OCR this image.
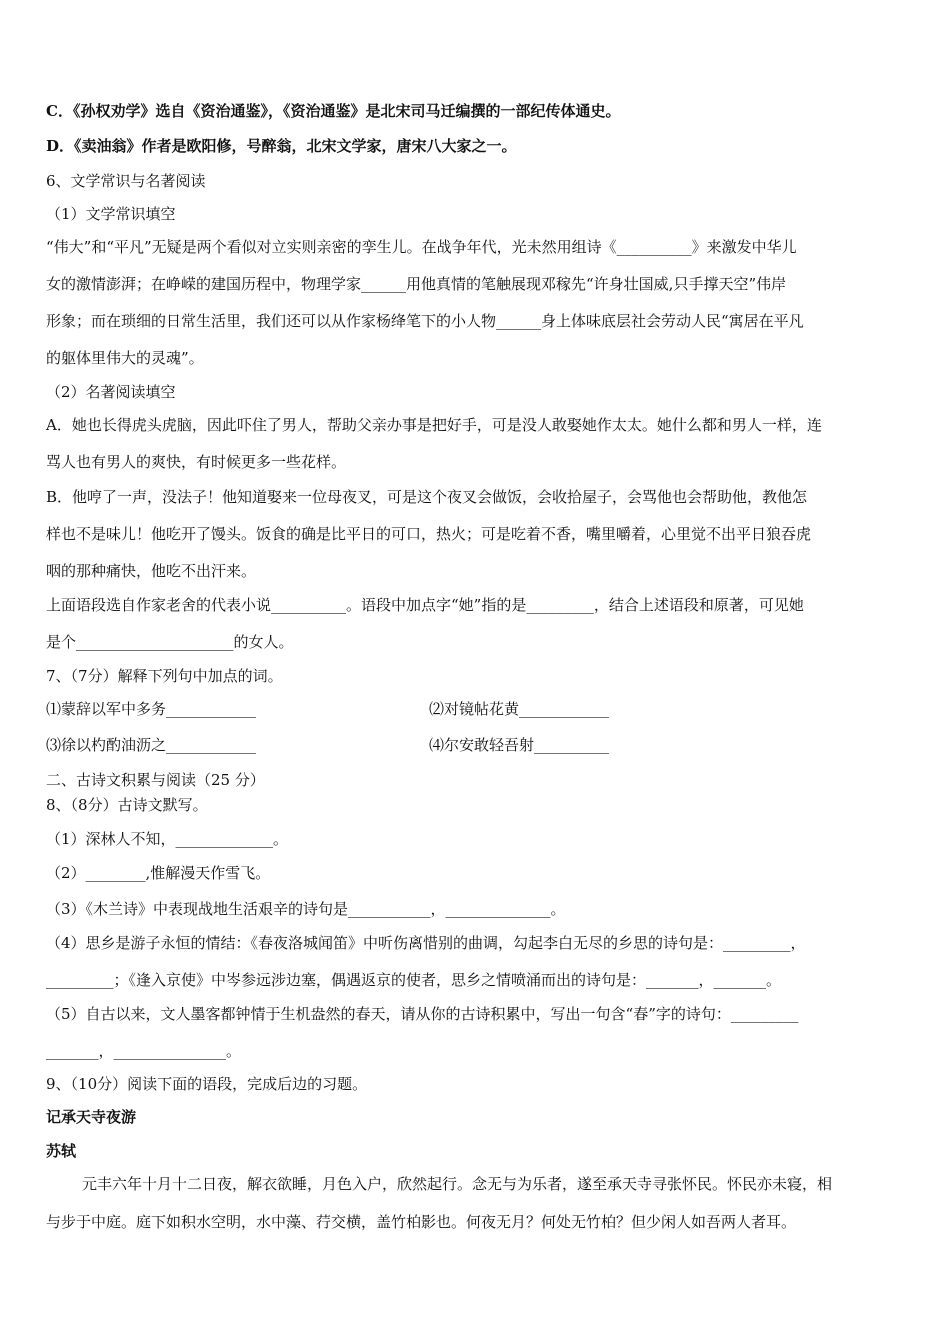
C．《孙权劝学》选自《资治通鉴》，《资治通鉴》是北宋司马迁编撰的一部纪传体通史。
D．《卖油翁》作者是欧阳修，号醉翁，北宋文学家，唐宋八大家之一。
6、文学常识与名著阅读
（1）文学常识填空
“伟大”和“平凡”无疑是两个看似对立实则亲密的孪生儿。在战争年代，光未然用组诗《__________》来激发中华儿
女的激情澎湃；在峥嵘的建国历程中，物理学家______用他真情的笔触展现邓稼先“许身壮国威,只手撑天空”伟岸
形象；而在琐细的日常生活里，我们还可以从作家杨绛笔下的小人物______身上体味底层社会劳动人民“寓居在平凡
的躯体里伟大的灵魂”。
（2）名著阅读填空
A．她也长得虎头虎脑，因此吓住了男人，帮助父亲办事是把好手，可是没人敢娶她作太太。她什么都和男人一样，连
骂人也有男人的爽快，有时候更多一些花样。
B．他哼了一声，没法子！他知道娶来一位母夜叉，可是这个夜叉会做饭，会收拾屋子，会骂他也会帮助他，教他怎
样也不是味儿！他吃开了馒头。饭食的确是比平日的可口，热火；可是吃着不香，嘴里嚼着，心里觉不出平日狼吞虎
咽的那种痛快，他吃不出汗来。
上面语段选自作家老舍的代表小说__________。语段中加点字“她”指的是_________，结合上述语段和原著，可见她
是个_____________________的女人。
7、（7分）解释下列句中加点的词。
⑴蒙辞以军中多务____________	⑵对镜帖花黄____________
⑶徐以杓酌油沥之____________	⑷尔安敢轻吾射__________
二、古诗文积累与阅读（25 分）
8、（8分）古诗文默写。
（1）深林人不知，_____________。
（2）________,惟解漫天作雪飞。
（3）《木兰诗》中表现战地生活艰辛的诗句是___________，______________。
（4）思乡是游子永恒的情结：《春夜洛城闻笛》中听伤离惜别的曲调，勾起李白无尽的乡思的诗句是：_________，
_________；《逢入京使》中岑参远涉边塞，偶遇返京的使者，思乡之情喷涌而出的诗句是：_______，_______。
（5）自古以来，文人墨客都钟情于生机盎然的春天，请从你的古诗积累中，写出一句含“春”字的诗句：_________
_______，_______________。
9、（10分）阅读下面的语段，完成后边的习题。
记承天寺夜游
苏轼
元丰六年十月十二日夜，解衣欲睡，月色入户，欣然起行。念无与为乐者，遂至承天寺寻张怀民。怀民亦未寝，相
与步于中庭。庭下如积水空明，水中藻、荇交横，盖竹柏影也。何夜无月？何处无竹柏？但少闲人如吾两人者耳。
